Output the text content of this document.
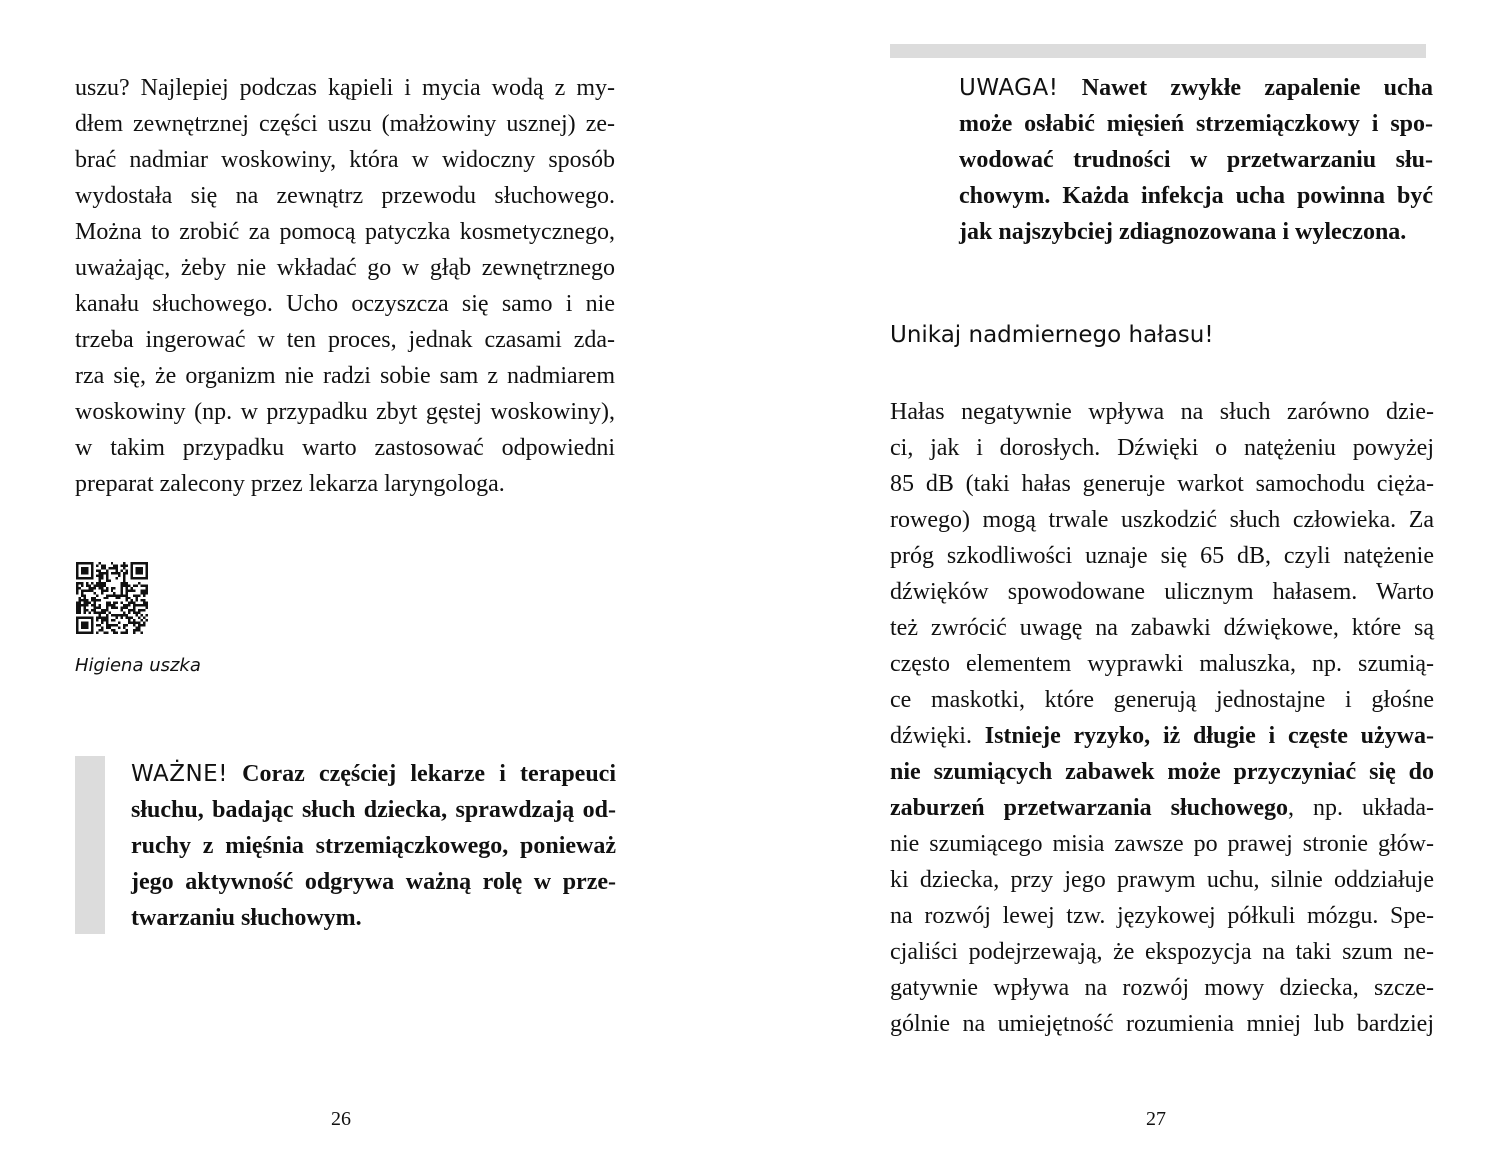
uszu? Najlepiej podczas kąpieli i mycia wodą z my-
dłem zewnętrznej części uszu (małżowiny usznej) ze-
brać nadmiar woskowiny, która w widoczny sposób
wydostała się na zewnątrz przewodu słuchowego.
Można to zrobić za pomocą patyczka kosmetycznego,
uważając, żeby nie wkładać go w głąb zewnętrznego
kanału słuchowego. Ucho oczyszcza się samo i nie
trzeba ingerować w ten proces, jednak czasami zda-
rza się, że organizm nie radzi sobie sam z nadmiarem
woskowiny (np. w przypadku zbyt gęstej woskowiny),
w takim przypadku warto zastosować odpowiedni
preparat zalecony przez lekarza laryngologa.
Higiena uszka
WAŻNE! Coraz częściej lekarze i terapeuci
słuchu, badając słuch dziecka, sprawdzają od-
ruchy z mięśnia strzemiączkowego, ponieważ
jego aktywność odgrywa ważną rolę w prze-
twarzaniu słuchowym.
26
UWAGA! Nawet zwykłe zapalenie ucha
może osłabić mięsień strzemiączkowy i spo-
wodować trudności w przetwarzaniu słu-
chowym. Każda infekcja ucha powinna być
jak najszybciej zdiagnozowana i wyleczona.
Unikaj nadmiernego hałasu!
Hałas negatywnie wpływa na słuch zarówno dzie-
ci, jak i dorosłych. Dźwięki o natężeniu powyżej
85 dB (taki hałas generuje warkot samochodu cięża-
rowego) mogą trwale uszkodzić słuch człowieka. Za
próg szkodliwości uznaje się 65 dB, czyli natężenie
dźwięków spowodowane ulicznym hałasem. Warto
też zwrócić uwagę na zabawki dźwiękowe, które są
często elementem wyprawki maluszka, np. szumią-
ce maskotki, które generują jednostajne i głośne
dźwięki. Istnieje ryzyko, iż długie i częste używa-
nie szumiących zabawek może przyczyniać się do
zaburzeń przetwarzania słuchowego, np. układa-
nie szumiącego misia zawsze po prawej stronie głów-
ki dziecka, przy jego prawym uchu, silnie oddziałuje
na rozwój lewej tzw. językowej półkuli mózgu. Spe-
cjaliści podejrzewają, że ekspozycja na taki szum ne-
gatywnie wpływa na rozwój mowy dziecka, szcze-
gólnie na umiejętność rozumienia mniej lub bardziej
27
